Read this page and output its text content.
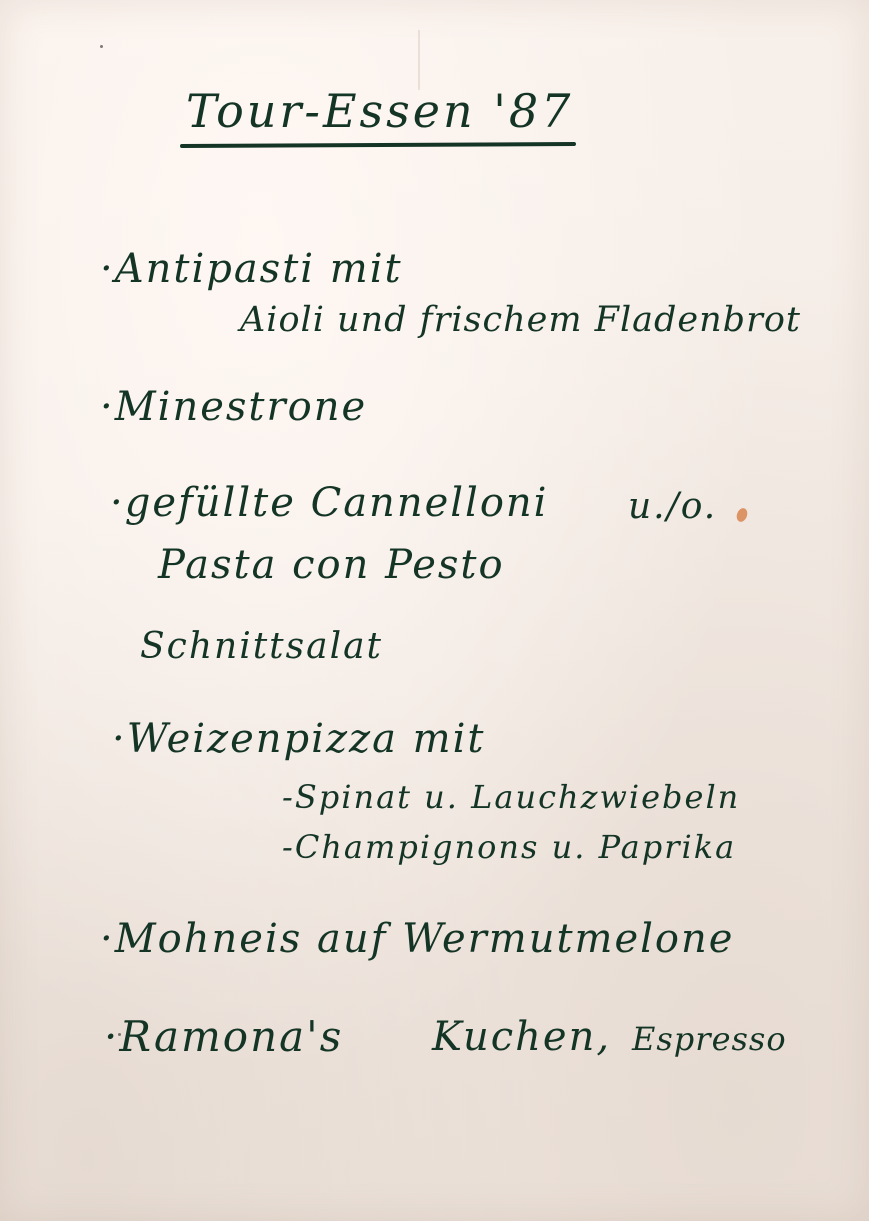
Tour-Essen '87
·Antipasti mit
Aioli und frischem Fladenbrot
·Minestrone
·gefüllte Cannelloni u./o.
Pasta con Pesto
Schnittsalat
·Weizenpizza mit
-Spinat u. Lauchzwiebeln
-Champignons u. Paprika
·Mohneis auf Wermutmelone
·Ramona's Kuchen, Espresso
